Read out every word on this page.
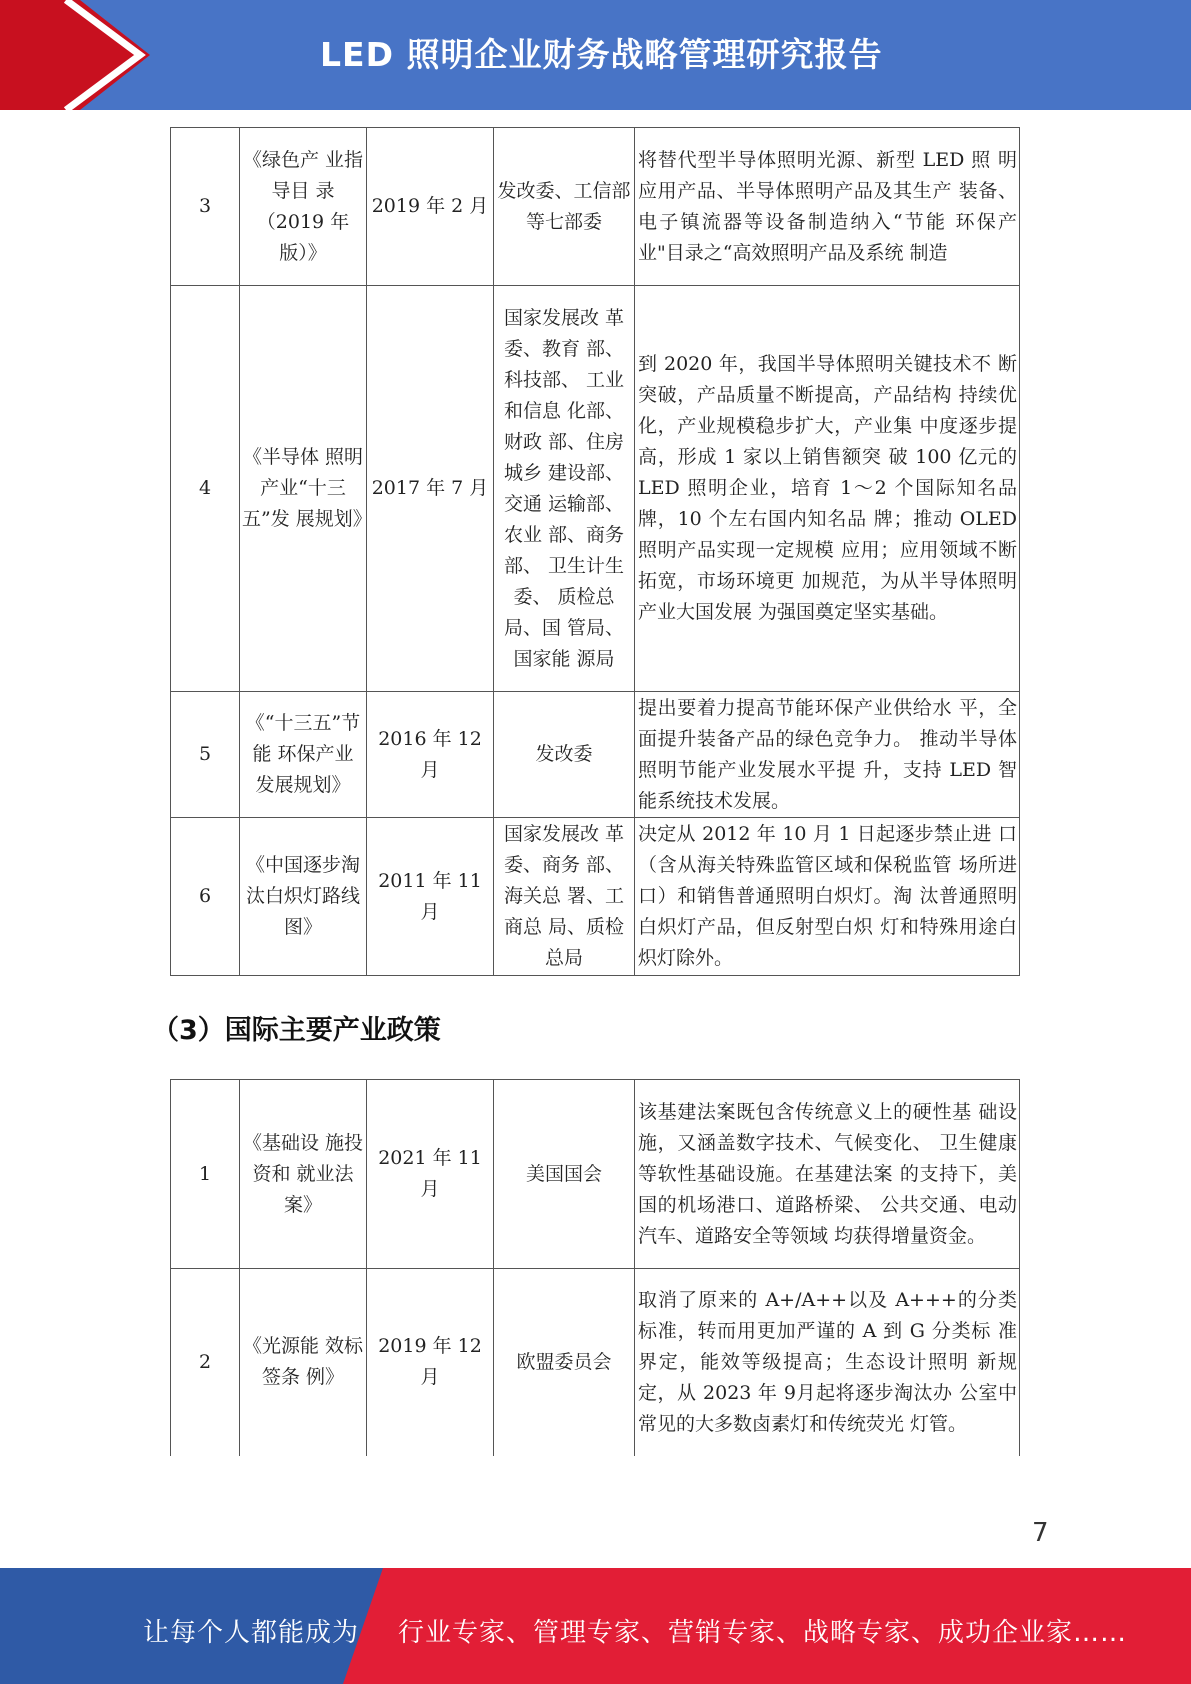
LED 照明企业财务战略管理研究报告
3	《绿色产 业指导目 录（2019 年版）》	2019 年 2 月	发改委、工信部等七部委	将替代型半导体照明光源、新型 LED 照 明应用产品、半导体照明产品及其生产 装备、电子镇流器等设备制造纳入“节能 环保产业"目录之“高效照明产品及系统 制造
4	《半导体 照明产业“十三五”发 展规划》	2017 年 7 月	国家发展改 革委、教育 部、科技部、 工业和信息 化部、财政 部、住房城乡 建设部、交通 运输部、农业 部、商务部、 卫生计生委、 质检总局、国 管局、国家能 源局	到 2020 年，我国半导体照明关键技术不 断突破，产品质量不断提高，产品结构 持续优化，产业规模稳步扩大，产业集 中度逐步提高，形成 1 家以上销售额突 破 100 亿元的 LED 照明企业，培育 1～2 个国际知名品牌，10 个左右国内知名品 牌；推动 OLED 照明产品实现一定规模 应用；应用领域不断拓宽，市场环境更 加规范，为从半导体照明产业大国发展 为强国奠定坚实基础。
5	《“十三五”节能 环保产业 发展规划》	2016 年 12 月	发改委	提出要着力提高节能环保产业供给水 平，全面提升装备产品的绿色竞争力。 推动半导体照明节能产业发展水平提 升，支持 LED 智能系统技术发展。
6	《中国逐步淘汰白炽灯路线图》	2011 年 11 月	国家发展改 革委、商务 部、海关总 署、工商总 局、质检总局	决定从 2012 年 10 月 1 日起逐步禁止进 口（含从海关特殊监管区域和保税监管 场所进口）和销售普通照明白炽灯。淘 汰普通照明白炽灯产品，但反射型白炽 灯和特殊用途白炽灯除外。
（3）国际主要产业政策
1	《基础设 施投资和 就业法案》	2021 年 11 月	美国国会	该基建法案既包含传统意义上的硬性基 础设施，又涵盖数字技术、气候变化、 卫生健康等软性基础设施。在基建法案 的支持下，美国的机场港口、道路桥梁、 公共交通、电动汽车、道路安全等领域 均获得增量资金。
2	《光源能 效标签条 例》	2019 年 12 月	欧盟委员会	取消了原来的 A+/A++以及 A+++的分类 标准，转而用更加严谨的 A 到 G 分类标 准界定，能效等级提高；生态设计照明 新规定，从 2023 年 9月起将逐步淘汰办 公室中常见的大多数卤素灯和传统荧光 灯管。
7
让每个人都能成为 行业专家、管理专家、营销专家、战略专家、成功企业家……
